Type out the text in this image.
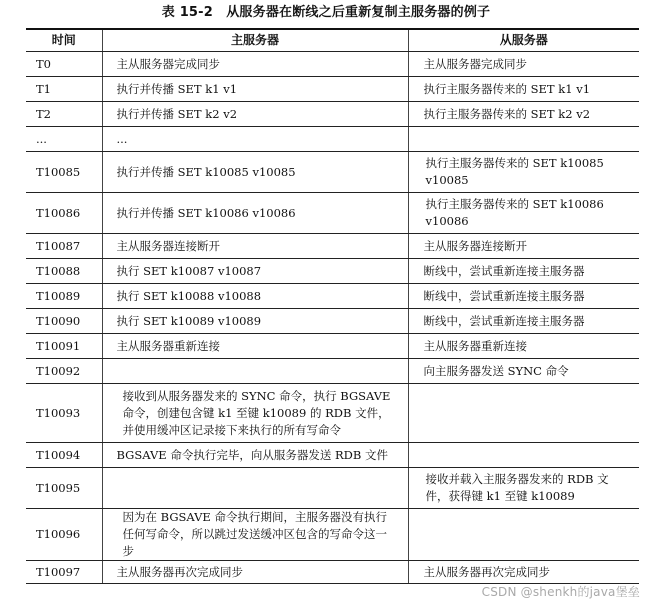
表 15-2　从服务器在断线之后重新复制主服务器的例子
时间	主服务器	从服务器
T0	主从服务器完成同步	主从服务器完成同步
T1	执行并传播 SET k1 v1	执行主服务器传来的 SET k1 v1
T2	执行并传播 SET k2 v2	执行主服务器传来的 SET k2 v2
...	...	
T10085	执行并传播 SET k10085 v10085	执行主服务器传来的 SET k10085 v10085
T10086	执行并传播 SET k10086 v10086	执行主服务器传来的 SET k10086 v10086
T10087	主从服务器连接断开	主从服务器连接断开
T10088	执行 SET k10087 v10087	断线中，尝试重新连接主服务器
T10089	执行 SET k10088 v10088	断线中，尝试重新连接主服务器
T10090	执行 SET k10089 v10089	断线中，尝试重新连接主服务器
T10091	主从服务器重新连接	主从服务器重新连接
T10092		向主服务器发送 SYNC 命令
T10093	接收到从服务器发来的 SYNC 命令，执行 BGSAVE 命令，创建包含键 k1 至键 k10089 的 RDB 文件，并使用缓冲区记录接下来执行的所有写命令	
T10094	BGSAVE 命令执行完毕，向从服务器发送 RDB 文件	
T10095		接收并载入主服务器发来的 RDB 文件，获得键 k1 至键 k10089
T10096	因为在 BGSAVE 命令执行期间，主服务器没有执行任何写命令，所以跳过发送缓冲区包含的写命令这一步	
T10097	主从服务器再次完成同步	主从服务器再次完成同步
CSDN @shenkh的java堡垒
